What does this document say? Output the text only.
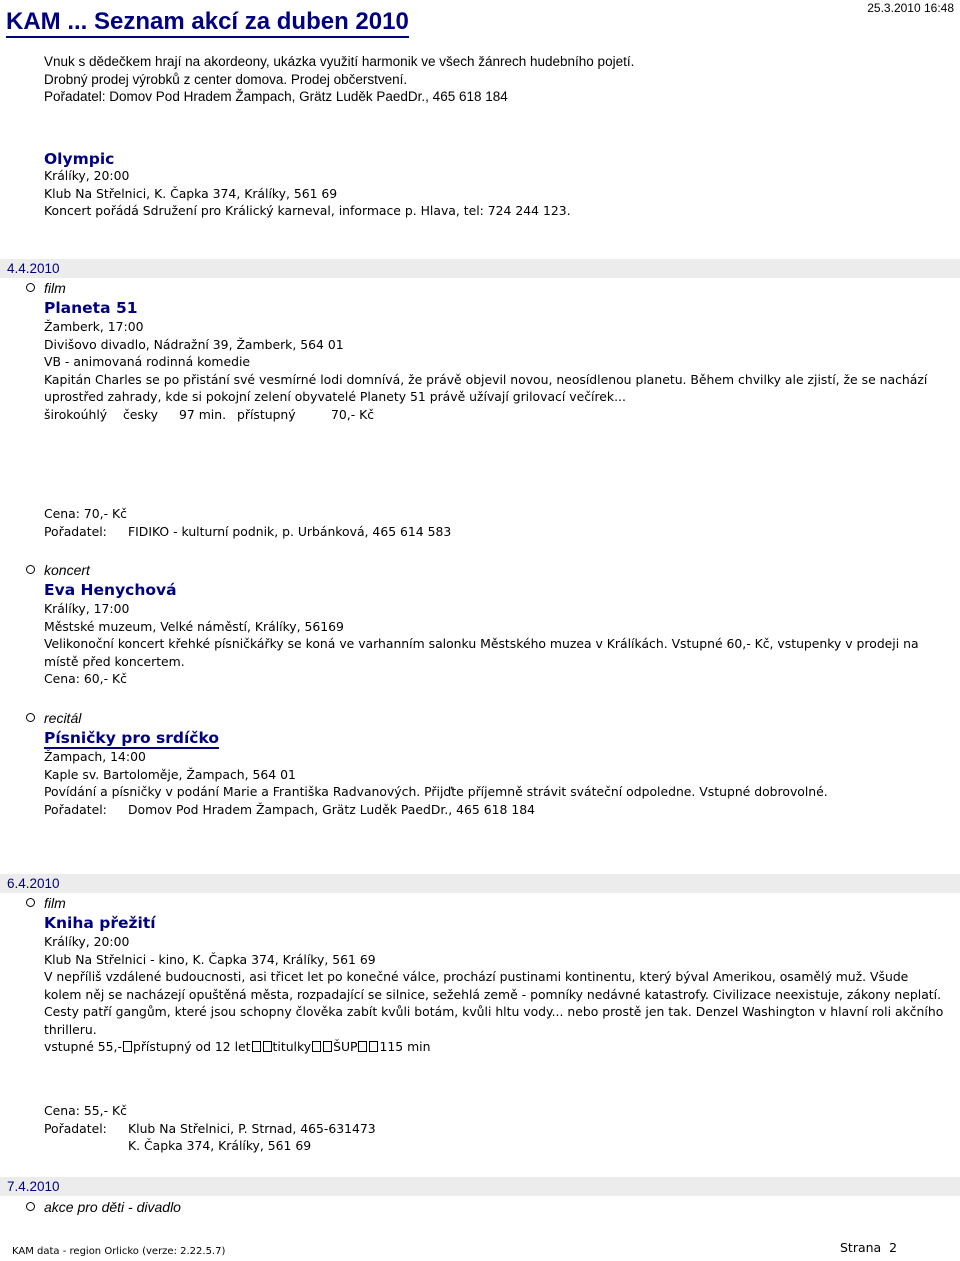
KAM ... Seznam akcí za duben 2010	25.3.2010 16:48
Vnuk s dědečkem hrají na akordeony, ukázka využití harmonik ve všech žánrech hudebního pojetí.
Drobný prodej výrobků z center domova. Prodej občerstvení.
Pořadatel: Domov Pod Hradem Žampach, Grätz Luděk PaedDr., 465 618 184
Olympic
Králíky, 20:00
Klub Na Střelnici, K. Čapka 374, Králíky, 561 69
Koncert pořádá Sdružení pro Králický karneval, informace p. Hlava, tel: 724 244 123.
4.4.2010
film
Planeta 51
Žamberk, 17:00
Divišovo divadlo, Nádražní 39, Žamberk, 564 01
VB - animovaná rodinná komedie
Kapitán Charles se po přistání své vesmírné lodi domnívá, že právě objevil novou, neosídlenou planetu. Během chvilky ale zjistí, že se nachází uprostřed zahrady, kde si pokojní zelení obyvatelé Planety 51 právě užívají grilovací večírek...
širokoúhlý česky 97 min. přístupný	70,- Kč
Cena: 70,- Kč
Pořadatel: FIDIKO - kulturní podnik, p. Urbánková, 465 614 583
koncert
Eva Henychová
Králíky, 17:00
Městské muzeum, Velké náměstí, Králíky, 56169
Velikonoční koncert křehké písničkářky se koná ve varhanním salonku Městského muzea v Králíkách. Vstupné 60,- Kč, vstupenky v prodeji na místě před koncertem.
Cena: 60,- Kč
recitál
Písničky pro srdíčko
Žampach, 14:00
Kaple sv. Bartoloměje, Žampach, 564 01
Povídání a písničky v podání Marie a Františka Radvanových. Přijďte příjemně strávit sváteční odpoledne. Vstupné dobrovolné.
Pořadatel: Domov Pod Hradem Žampach, Grätz Luděk PaedDr., 465 618 184
6.4.2010
film
Kniha přežití
Králíky, 20:00
Klub Na Střelnici - kino, K. Čapka 374, Králíky, 561 69
V nepříliš vzdálené budoucnosti, asi třicet let po konečné válce, prochází pustinami kontinentu, který býval Amerikou, osamělý muž. Všude kolem něj se nacházejí opuštěná města, rozpadající se silnice, sežehlá země - pomníky nedávné katastrofy. Civilizace neexistuje, zákony neplatí. Cesty patří gangům, které jsou schopny člověka zabít kvůli botám, kvůli hltu vody... nebo prostě jen tak. Denzel Washington v hlavní roli akčního thrilleru.
vstupné 55,- přístupný od 12 let titulky ŠUP 115 min
Cena: 55,- Kč
Pořadatel: Klub Na Střelnici, P. Strnad, 465-631473
K. Čapka 374, Králíky, 561 69
7.4.2010
akce pro děti - divadlo
KAM data - region Orlicko (verze: 2.22.5.7)	Strana 2
